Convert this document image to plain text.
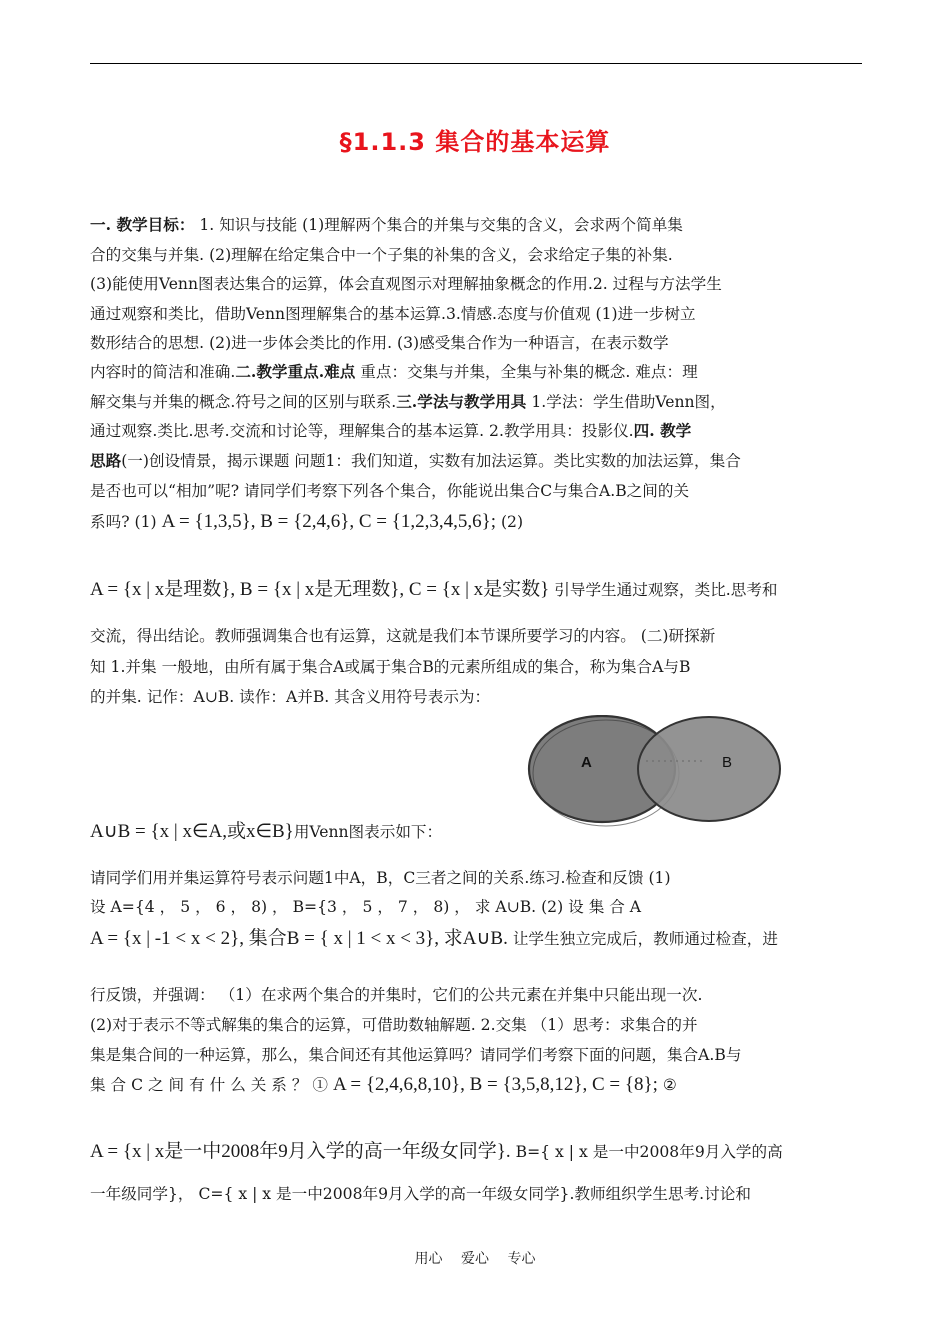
§1.1.3 集合的基本运算
一. 教学目标： 1. 知识与技能 (1)理解两个集合的并集与交集的含义，会求两个简单集
合的交集与并集. (2)理解在给定集合中一个子集的补集的含义，会求给定子集的补集.
(3)能使用Venn图表达集合的运算，体会直观图示对理解抽象概念的作用.2. 过程与方法学生
通过观察和类比，借助Venn图理解集合的基本运算.3.情感.态度与价值观 (1)进一步树立
数形结合的思想. (2)进一步体会类比的作用. (3)感受集合作为一种语言，在表示数学
内容时的简洁和准确.二.教学重点.难点 重点：交集与并集，全集与补集的概念. 难点：理
解交集与并集的概念.符号之间的区别与联系.三.学法与教学用具 1.学法：学生借助Venn图，
通过观察.类比.思考.交流和讨论等，理解集合的基本运算. 2.教学用具：投影仪.四. 教学
思路(一)创设情景，揭示课题 问题1：我们知道，实数有加法运算。类比实数的加法运算，集合
是否也可以“相加”呢? 请同学们考察下列各个集合，你能说出集合C与集合A.B之间的关
系吗? (1) A = {1,3,5}, B = {2,4,6}, C = {1,2,3,4,5,6}; (2)
A = {x | x是理数}, B = {x | x是无理数}, C = {x | x是实数} 引导学生通过观察，类比.思考和
交流，得出结论。教师强调集合也有运算，这就是我们本节课所要学习的内容。 (二)研探新
知 1.并集 一般地，由所有属于集合A或属于集合B的元素所组成的集合，称为集合A与B
的并集. 记作：A∪B. 读作：A并B. 其含义用符号表示为：
A∪B = {x | x∈A,或x∈B}用Venn图表示如下：
请同学们用并集运算符号表示问题1中A，B，C三者之间的关系.练习.检查和反馈 (1)
设 A={4 ， 5 ， 6 ， 8) ， B={3 ， 5 ， 7 ， 8) ， 求 A∪B. (2) 设 集 合 A
A = {x | -1 < x < 2}, 集合B = { x | 1 < x < 3}, 求A∪B. 让学生独立完成后，教师通过检查，进
行反馈，并强调： （1）在求两个集合的并集时，它们的公共元素在并集中只能出现一次.
(2)对于表示不等式解集的集合的运算，可借助数轴解题. 2.交集 （1）思考：求集合的并
集是集合间的一种运算，那么，集合间还有其他运算吗？请同学们考察下面的问题，集合A.B与
集 合 C 之 间 有 什 么 关 系 ？ ① A = {2,4,6,8,10}, B = {3,5,8,12}, C = {8}; ②
A = {x | x是一中2008年9月入学的高一年级女同学}. B={ x | x 是一中2008年9月入学的高
一年级同学}， C={ x | x 是一中2008年9月入学的高一年级女同学}.教师组织学生思考.讨论和
A	B
用心 爱心 专心
